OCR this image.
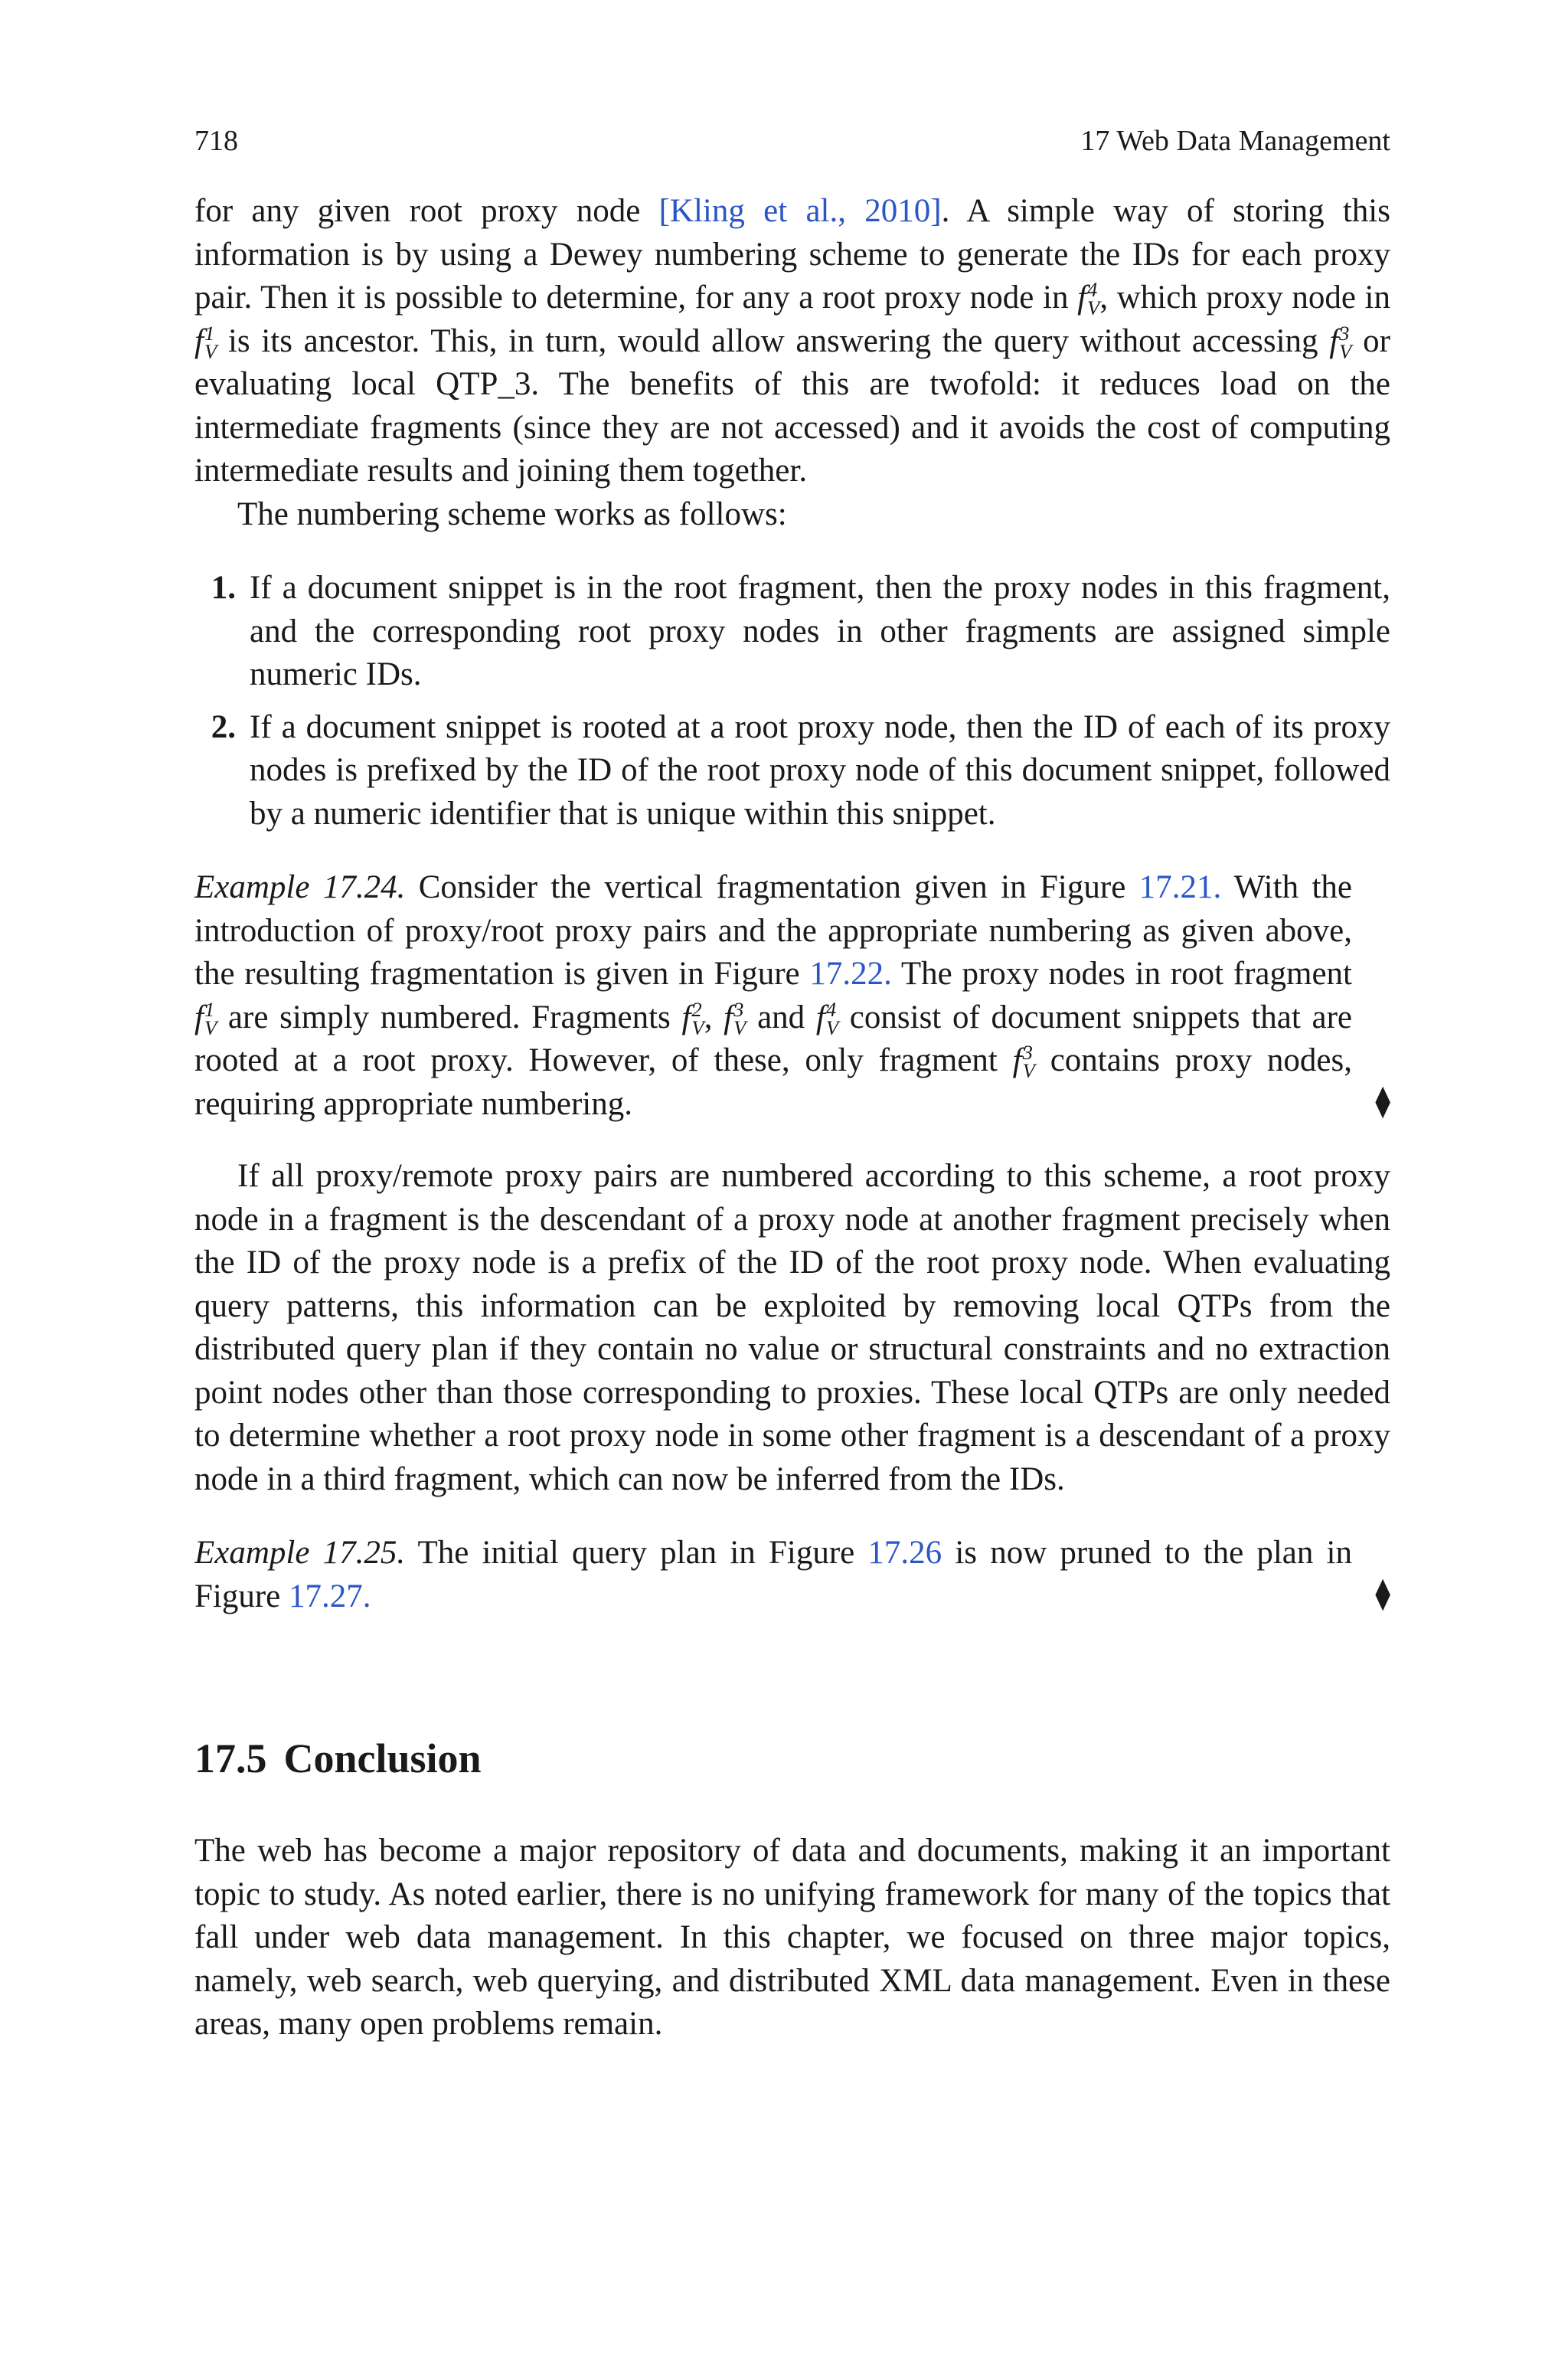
718	17 Web Data Management

for any given root proxy node [Kling et al., 2010]. A simple way of storing this information is by using a Dewey numbering scheme to generate the IDs for each proxy pair. Then it is possible to determine, for any a root proxy node in f 4
V , which proxy node in f 1
V is its ancestor. This, in turn, would allow answering the query without accessing f 3
V or evaluating local QTP_3. The benefits of this are twofold: it reduces load on the intermediate fragments (since they are not accessed) and it avoids the cost of computing intermediate results and joining them together.

The numbering scheme works as follows:

1. If a document snippet is in the root fragment, then the proxy nodes in this fragment, and the corresponding root proxy nodes in other fragments are assigned simple numeric IDs.

2. If a document snippet is rooted at a root proxy node, then the ID of each of its proxy nodes is prefixed by the ID of the root proxy node of this document snippet, followed by a numeric identifier that is unique within this snippet.

Example 17.24. Consider the vertical fragmentation given in Figure 17.21. With the introduction of proxy/root proxy pairs and the appropriate numbering as given above, the resulting fragmentation is given in Figure 17.22. The proxy nodes in root fragment f 1
V are simply numbered. Fragments f 2
V , f 3
V and f 4
V consist of document snippets that are rooted at a root proxy. However, of these, only fragment f 3
V contains proxy nodes, requiring appropriate numbering.	⧫

If all proxy/remote proxy pairs are numbered according to this scheme, a root proxy node in a fragment is the descendant of a proxy node at another fragment precisely when the ID of the proxy node is a prefix of the ID of the root proxy node. When evaluating query patterns, this information can be exploited by removing local QTPs from the distributed query plan if they contain no value or structural constraints and no extraction point nodes other than those corresponding to proxies. These local QTPs are only needed to determine whether a root proxy node in some other fragment is a descendant of a proxy node in a third fragment, which can now be inferred from the IDs.

Example 17.25. The initial query plan in Figure 17.26 is now pruned to the plan in Figure 17.27.	⧫
17.5 Conclusion

The web has become a major repository of data and documents, making it an important topic to study. As noted earlier, there is no unifying framework for many of the topics that fall under web data management. In this chapter, we focused on three major topics, namely, web search, web querying, and distributed XML data management. Even in these areas, many open problems remain.
